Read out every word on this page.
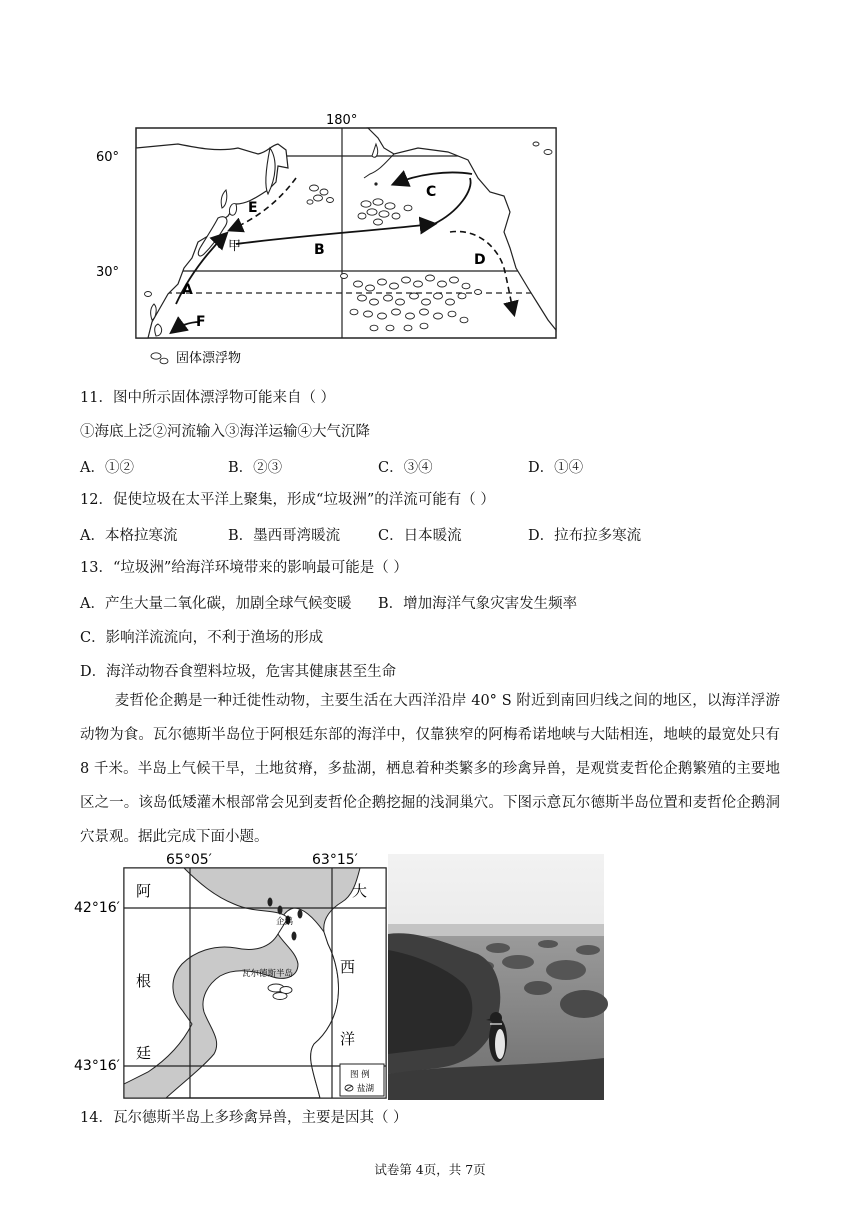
180°
60°
30°
甲
A
B
C
D
E
F
固体漂浮物
11．图中所示固体漂浮物可能来自（ ）
①海底上泛②河流输入③海洋运输④大气沉降
A．①②	B．②③	C．③④	D．①④
12．促使垃圾在太平洋上聚集，形成“垃圾洲”的洋流可能有（ ）
A．本格拉寒流	B．墨西哥湾暖流	C．日本暖流	D．拉布拉多寒流
13．“垃圾洲”给海洋环境带来的影响最可能是（ ）
A．产生大量二氧化碳，加剧全球气候变暖 B．增加海洋气象灾害发生频率
C．影响洋流流向，不利于渔场的形成
D．海洋动物吞食塑料垃圾，危害其健康甚至生命
麦哲伦企鹅是一种迁徙性动物，主要生活在大西洋沿岸 40° S 附近到南回归线之间的地区，以海洋浮游动物为食。瓦尔德斯半岛位于阿根廷东部的海洋中，仅靠狭窄的阿梅希诺地峡与大陆相连，地峡的最宽处只有 8 千米。半岛上气候干旱，土地贫瘠，多盐湖，栖息着种类繁多的珍禽异兽，是观赏麦哲伦企鹅繁殖的主要地区之一。该岛低矮灌木根部常会见到麦哲伦企鹅挖掘的浅洞巢穴。下图示意瓦尔德斯半岛位置和麦哲伦企鹅洞穴景观。据此完成下面小题。
65°05′	63°15′
42°16′
43°16′
阿
根
廷
大
西
洋
企鹅
瓦尔德斯半岛
图 例
盐湖
14．瓦尔德斯半岛上多珍禽异兽，主要是因其（ ）
试卷第 4页，共 7页
